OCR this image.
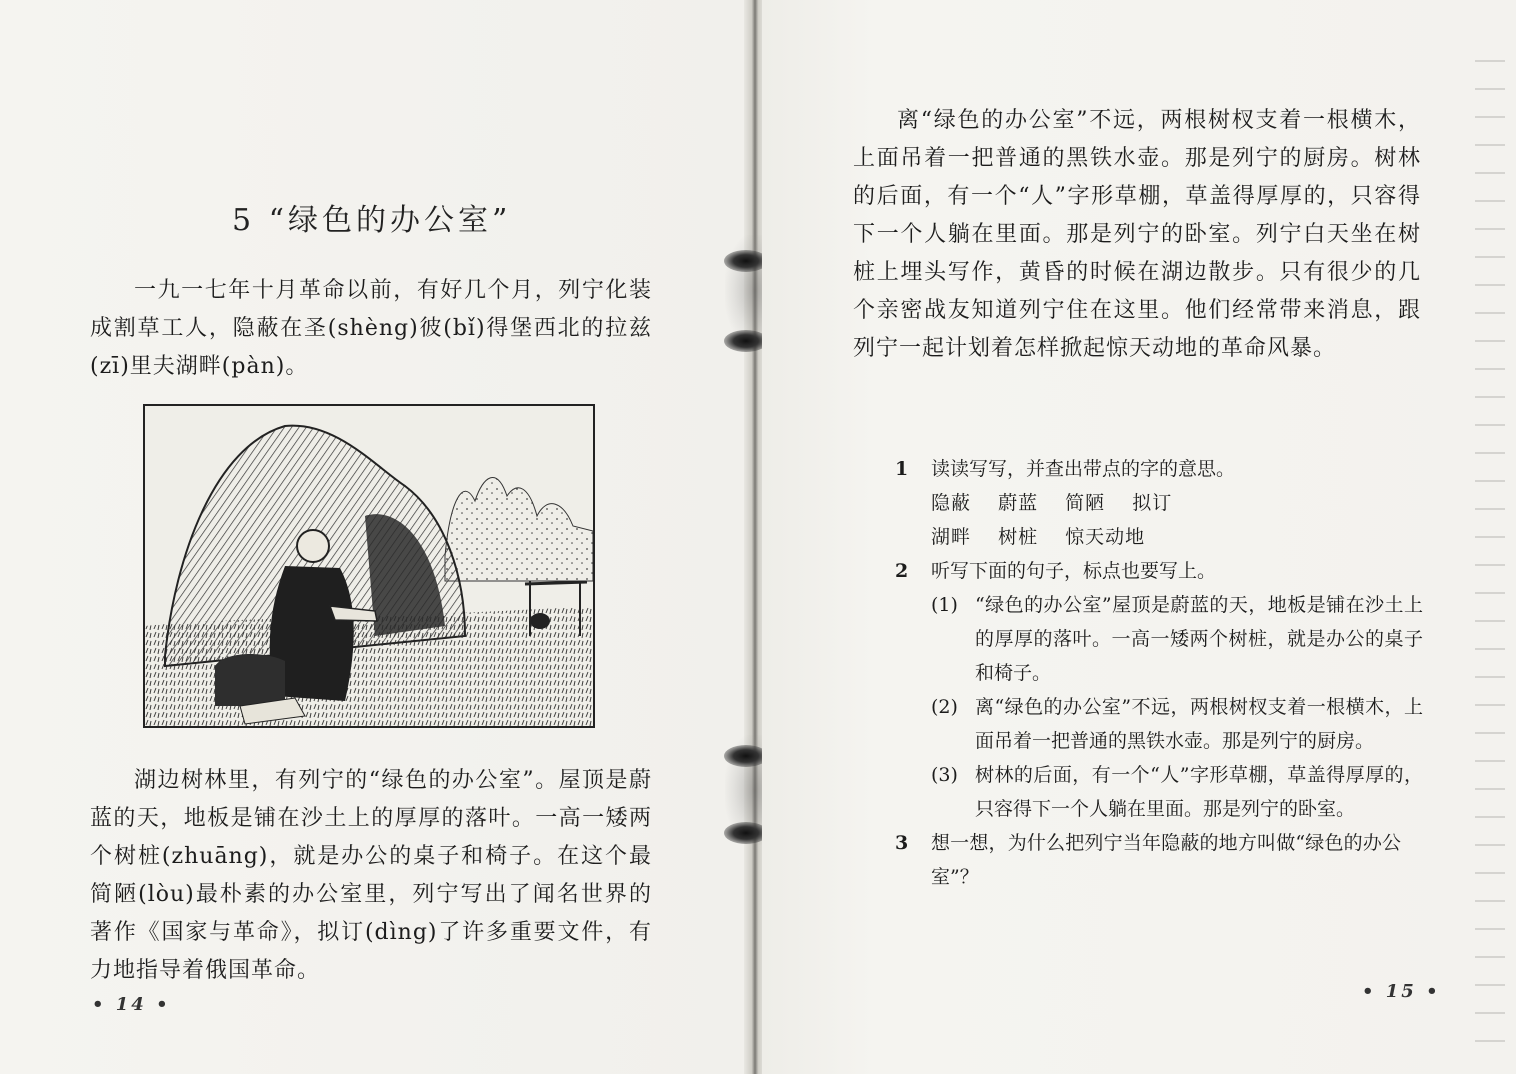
5 “绿色的办公室”

一九一七年十月革命以前，有好几个月，列宁化装成割草工人，隐蔽在圣(shèng)彼(bǐ)得堡西北的拉兹(zī)里夫湖畔(pàn)。

湖边树林里，有列宁的“绿色的办公室”。屋顶是蔚蓝的天，地板是铺在沙土上的厚厚的落叶。一高一矮两个树桩(zhuāng)，就是办公的桌子和椅子。在这个最简陋(lòu)最朴素的办公室里，列宁写出了闻名世界的著作《国家与革命》，拟订(dìng)了许多重要文件，有力地指导着俄国革命。

• 14 •

离“绿色的办公室”不远，两根树杈支着一根横木，上面吊着一把普通的黑铁水壶。那是列宁的厨房。树林的后面，有一个“人”字形草棚，草盖得厚厚的，只容得下一个人躺在里面。那是列宁的卧室。列宁白天坐在树桩上埋头写作，黄昏的时候在湖边散步。只有很少的几个亲密战友知道列宁住在这里。他们经常带来消息，跟列宁一起计划着怎样掀起惊天动地的革命风暴。

1 读读写写，并查出带点的字的意思。
隐蔽 蔚蓝 简陋 拟订
湖畔 树桩 惊天动地
2 听写下面的句子，标点也要写上。
(1) “绿色的办公室”屋顶是蔚蓝的天，地板是铺在沙土上的厚厚的落叶。一高一矮两个树桩，就是办公的桌子和椅子。
(2) 离“绿色的办公室”不远，两根树杈支着一根横木，上面吊着一把普通的黑铁水壶。那是列宁的厨房。
(3) 树林的后面，有一个“人”字形草棚，草盖得厚厚的，只容得下一个人躺在里面。那是列宁的卧室。
3 想一想，为什么把列宁当年隐蔽的地方叫做“绿色的办公室”？
• 15 •
